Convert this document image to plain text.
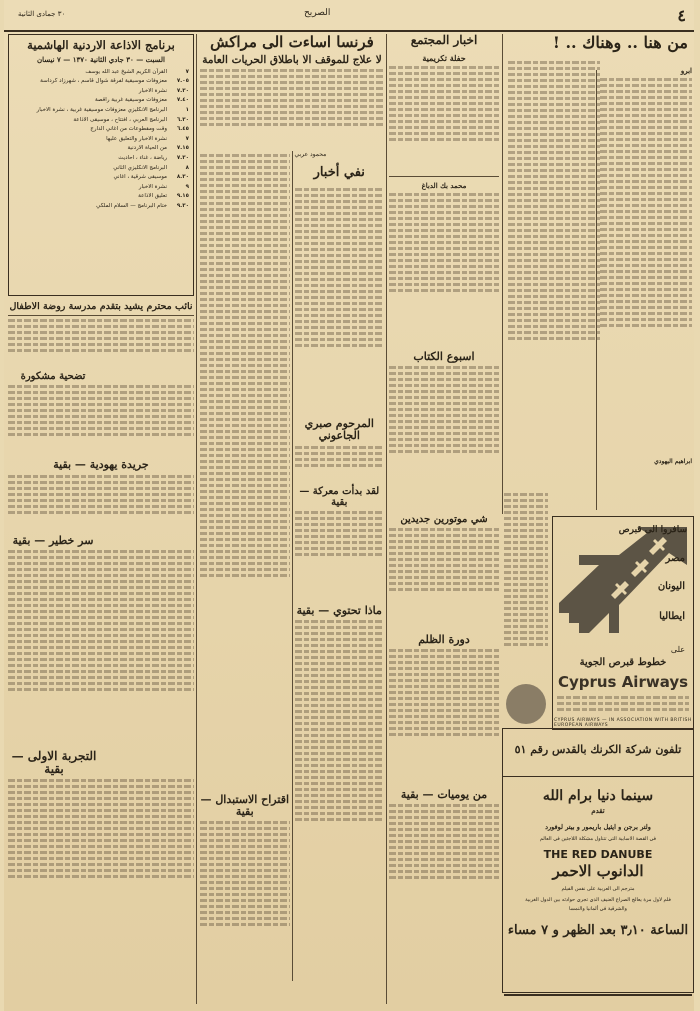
٤
الصريح
٣٠ جمادى الثانية
برنامج الاذاعة الاردنية الهاشمية
السبت — ٣٠ جادي الثانية ١٣٧٠ — ٧ نيسان
٧
القرآن الكريم الشيخ عبد الله يوسف
٧.٠٥
معزوفات موسيقية لفرقة شوال قاسم ، شهرزاد كرداسة
٧.٣٠
نشرة الاخبار
٧.٤٠
معزوفات موسيقية غربية راقصة
١
البرنامج الانكليزي معزوفات موسيقية غربية ، نشرة الاخبار
٦.٣٠
البرنامج العربي ، افتتاح ، موسيقى الاذاعة
٦.٤٥
وقت ومقطوعات من اغاني الدارج
٧
نشرة الاخبار والتعليق عليها
٧.١٥
من الحياة الاردنية
٧.٣٠
رياضة ، غناء ، احاديث
٨
البرنامج الانكليزي الثاني
٨.٣٠
موسيقى شرقية ، اغاني
٩
نشرة الاخبار
٩.١٥
تعليق الاذاعة
٩.٣٠
ختام البرنامج — السلام الملكي
نائب محترم يشيد بتقدم مدرسة روضة الاطفال
تضحية مشكورة
جريدة يهودية — بقية
سر خطير — بقية
التجربة الاولى — بقية
فرنسا اساءت الى مراكش
لا علاج للموقف الا باطلاق الحريات العامة
محمود عربي
نفي أخبار
المرحوم صبري الجاعوني
لقد بدأت معركة — بقية
ماذا تحتوي — بقية
اقتراح الاستبدال — بقية
اخبار المجتمع
حفلة تكريمية
محمد بك الدباغ
اسبوع الكتاب
شي موتورين جديدين
دورة الظلم
من يوميات — بقية
من هنا .. وهناك .. !
ابرو
ابراهيم اليهودي
سافروا الى قبرص
مصر
اليونان
ايطاليا
على
خطوط قبرص الجوية
Cyprus Airways
CYPRUS AIRWAYS — IN ASSOCIATION WITH BRITISH EUROPEAN AIRWAYS
تلفون شركة الكرنك بالقدس رقم ٥١
سينما دنيا برام الله
تقدم
ولتر برجن و ايثيل باريمور و بيتر لوفورد
في القصة الاسابية التي تتناول مشكلة اللاجئين في العالم
THE RED DANUBE
الدانوب الاحمر
مترجم الى العربية على نفس الفيلم
فلم لاول مرة يعالج الصراع العنيف الذي تجري حوادثه بين الدول الغربية والشرقية في ألمانيا والنمسا
الساعة ٣٫١٠ بعد الظهر و ٧ مساء
